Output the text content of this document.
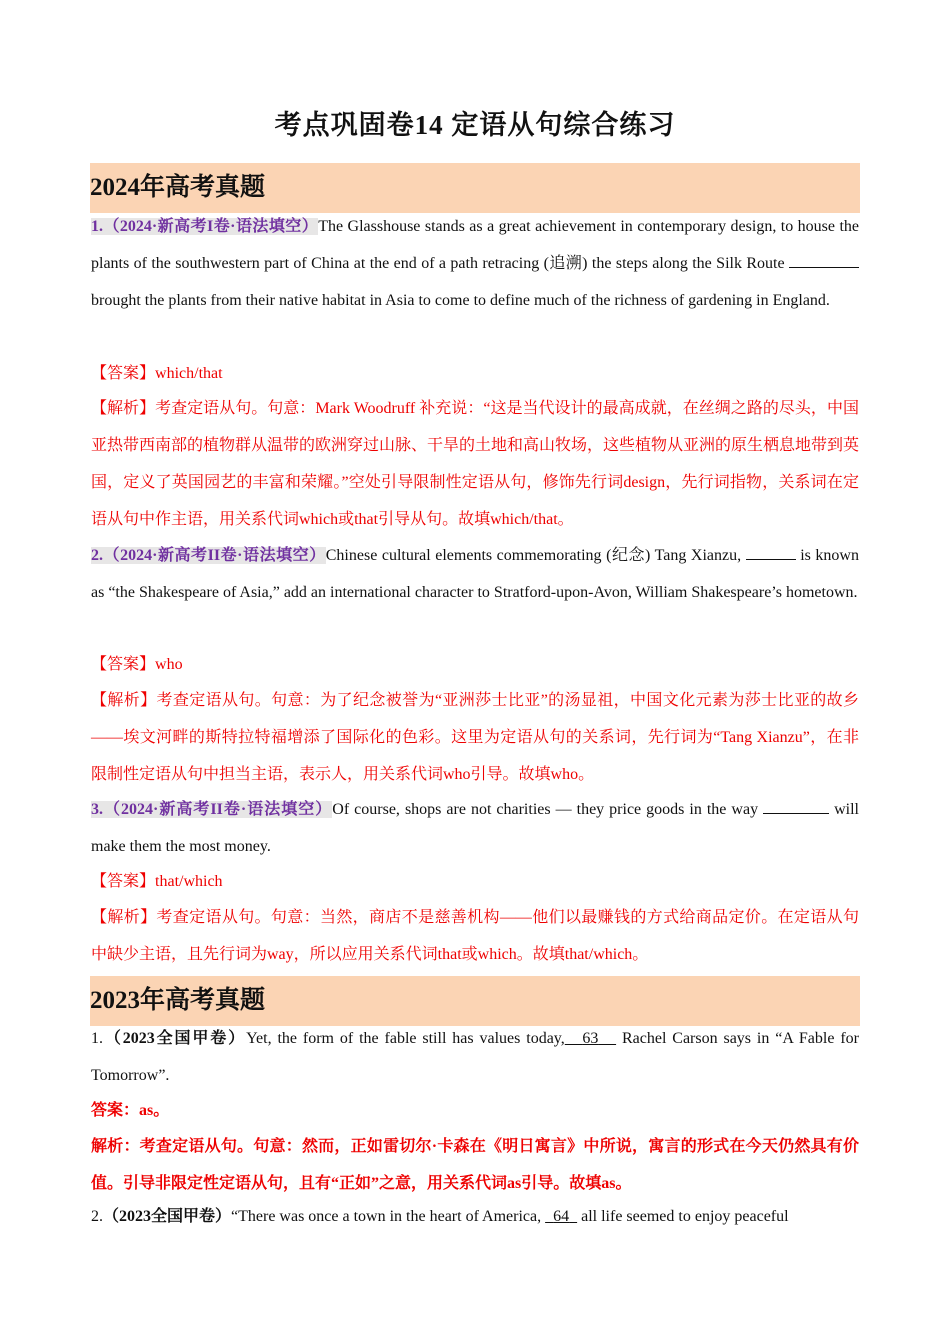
考点巩固卷14 定语从句综合练习
2024年高考真题
1.（2024·新高考I卷·语法填空）The Glasshouse stands as a great achievement in contemporary design, to house the plants of the southwestern part of China at the end of a path retracing (追溯) the steps along the Silk Route  brought the plants from their native habitat in Asia to come to define much of the richness of gardening in England.
【答案】which/that
【解析】考查定语从句。句意：Mark Woodruff 补充说：“这是当代设计的最高成就，在丝绸之路的尽头，中国亚热带西南部的植物群从温带的欧洲穿过山脉、干旱的土地和高山牧场，这些植物从亚洲的原生栖息地带到英国，定义了英国园艺的丰富和荣耀。”空处引导限制性定语从句，修饰先行词design，先行词指物，关系词在定语从句中作主语，用关系代词which或that引导从句。故填which/that。
2.（2024·新高考II卷·语法填空）Chinese cultural elements commemorating (纪念) Tang Xianzu,	is known as “the Shakespeare of Asia,” add an international character to Stratford-upon-Avon, William Shakespeare’s hometown.
【答案】who
【解析】考查定语从句。句意：为了纪念被誉为“亚洲莎士比亚”的汤显祖，中国文化元素为莎士比亚的故乡——埃文河畔的斯特拉特福增添了国际化的色彩。这里为定语从句的关系词，先行词为“Tang Xianzu”，在非限制性定语从句中担当主语，表示人，用关系代词who引导。故填who。
3.（2024·新高考II卷·语法填空）Of course, shops are not charities — they price goods in the way	will make them the most money.
【答案】that/which
【解析】考查定语从句。句意：当然，商店不是慈善机构——他们以最赚钱的方式给商品定价。在定语从句中缺少主语，且先行词为way，所以应用关系代词that或which。故填that/which。
2023年高考真题
1.（2023全国甲卷）Yet, the form of the fable still has values today, 63    Rachel Carson says in “A Fable for Tomorrow”.
答案：as。
解析：考查定语从句。句意：然而，正如雷切尔·卡森在《明日寓言》中所说，寓言的形式在今天仍然具有价值。引导非限定性定语从句，且有“正如”之意，用关系代词as引导。故填as。
2.（2023全国甲卷）“There was once a town in the heart of America,   64   all life seemed to enjoy peaceful
